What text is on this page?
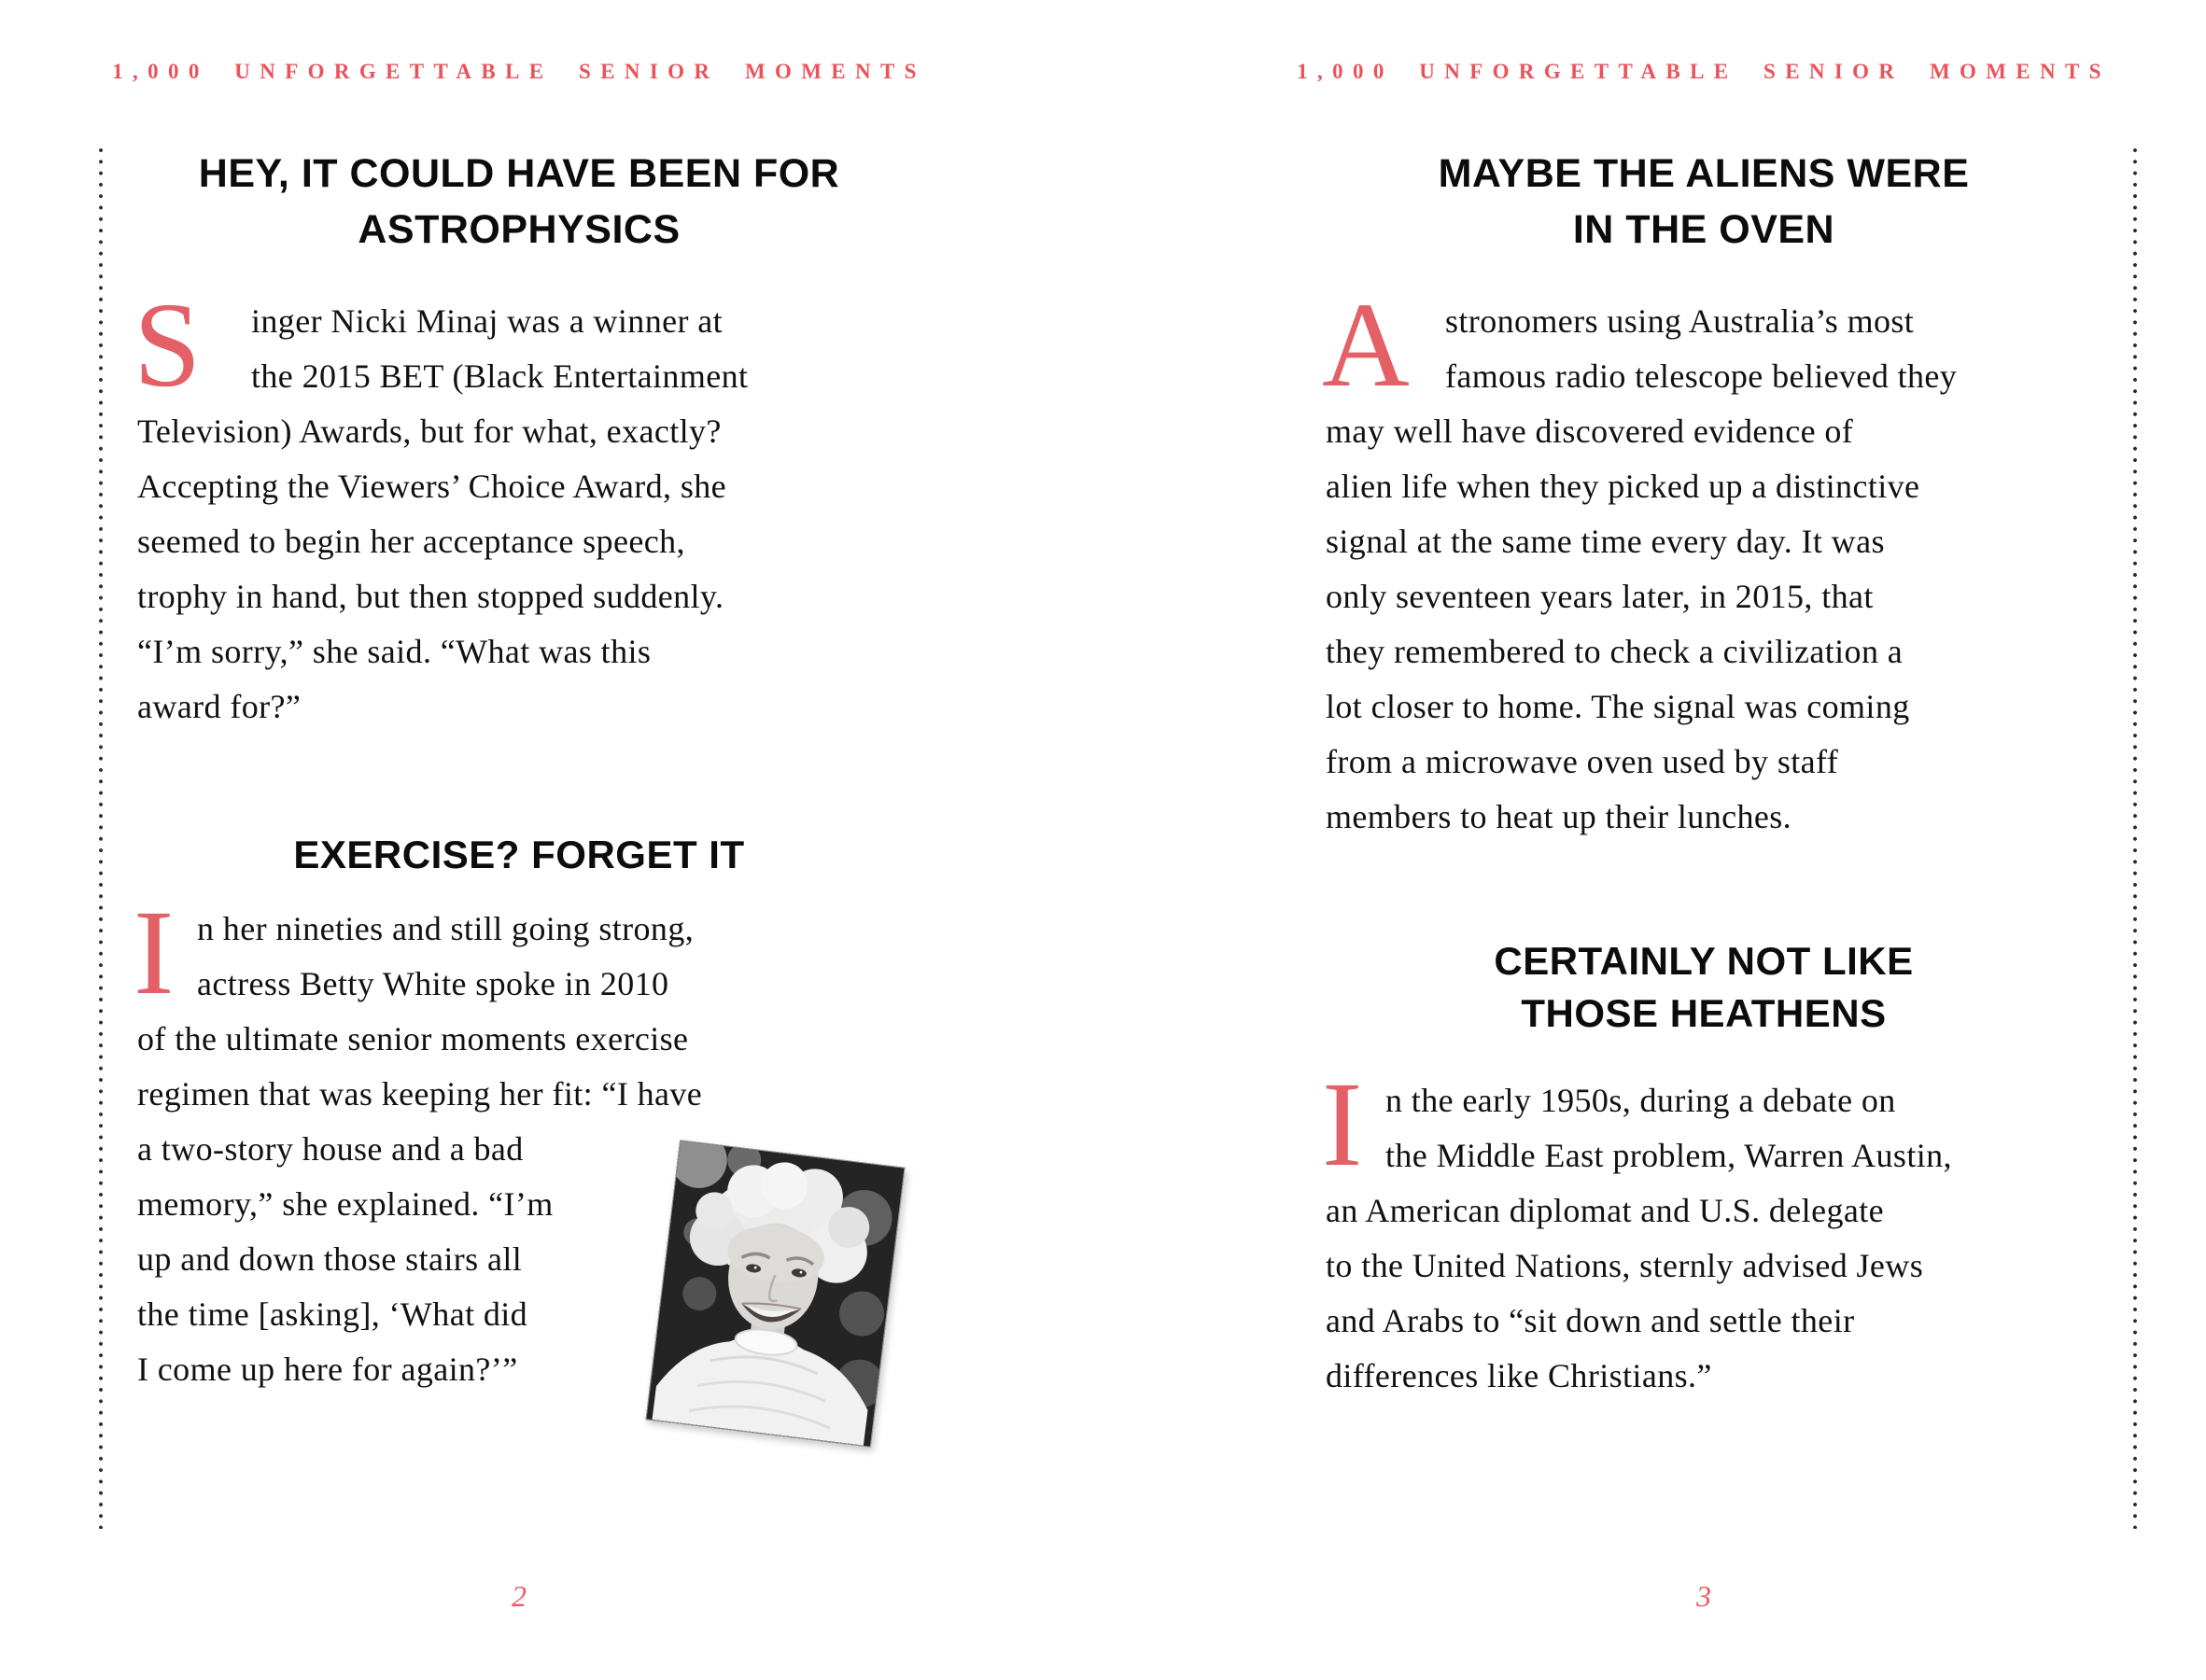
1,000 UNFORGETTABLE SENIOR MOMENTS
HEY, IT COULD HAVE BEEN FOR
ASTROPHYSICS
S	inger Nicki Minaj was a winner at
the 2015 BET (Black Entertainment
Television) Awards, but for what, exactly?
Accepting the Viewers’ Choice Award, she
seemed to begin her acceptance speech,
trophy in hand, but then stopped suddenly.
“I’m sorry,” she said. “What was this
award for?”
EXERCISE? FORGET IT
I n her nineties and still going strong,
actress Betty White spoke in 2010
of the ultimate senior moments exercise
regimen that was keeping her fit: “I have
a two-story house and a bad
memory,” she explained. “I’m
up and down those stairs all
the time [asking], ‘What did
I come up here for again?’”
2
1,000 UNFORGETTABLE SENIOR MOMENTS
MAYBE THE ALIENS WERE
IN THE OVEN
A	stronomers using Australia’s most
famous radio telescope believed they
may well have discovered evidence of
alien life when they picked up a distinctive
signal at the same time every day. It was
only seventeen years later, in 2015, that
they remembered to check a civilization a
lot closer to home. The signal was coming
from a microwave oven used by staff
members to heat up their lunches.
CERTAINLY NOT LIKE
THOSE HEATHENS
I n the early 1950s, during a debate on
the Middle East problem, Warren Austin,
an American diplomat and U.S. delegate
to the United Nations, sternly advised Jews
and Arabs to “sit down and settle their
differences like Christians.”
3
